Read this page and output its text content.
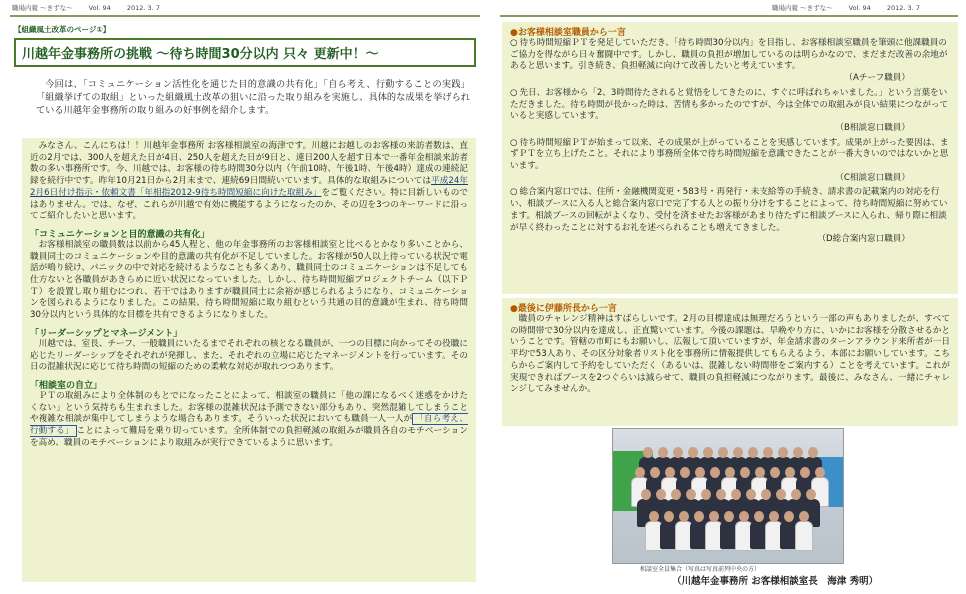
職場内報 〜きずな〜 Vol. 94 2012. 3. 7	職場内報 〜きずな〜 Vol. 94 2012. 3. 7
【組織風土改革のページ①】
川越年金事務所の挑戦 ～待ち時間30分以内 只々 更新中！～

今回は、「コミュニケーション活性化を通じた目的意識の共有化」「自ら考え、行動することの実践」「組織挙げての取組」といった組織風土改革の狙いに沿った取り組みを実施し、具体的な成果を挙げられている川越年金事務所の取り組みの好事例を紹介します。

みなさん、こんにちは！！川越年金事務所 お客様相談室の海津です。川越にお越しのお客様の来訪者数は、直近の2月では、300人を超えた日が4日、250人を超えた日が9日と、連日200人を超す日本で一番年金相談来訪者数の多い事務所です。今、川越では、お客様の待ち時間30分以内（午前10時、午後1時、午後4時）達成の連続記録を続行中です。昨年10月21日から2月末まで、連続69日間続いています。具体的な取組みについては平成24年2月6日付け指示・依頼文書「年相指2012-9待ち時間短縮に向けた取組み」をご覧ください。特に目新しいものではありません。では、なぜ、これらが川越で有効に機能するようになったのか、その辺を3つのキーワードに沿ってご紹介したいと思います。

「コミュニケーションと目的意識の共有化」

お客様相談室の職員数は以前から45人程と、他の年金事務所のお客様相談室と比べるとかなり多いことから、職員同士のコミュニケーションや目的意識の共有化が不足していました。お客様が50人以上待っている状況で電話が鳴り続け、パニックの中で対応を続けるようなことも多くあり、職員同士のコミュニケーションは不足しても仕方ないと各職員があきらめに近い状況になっていました。しかし、待ち時間短縮プロジェクトチーム（以下ＰＴ）を設置し取り組むにつれ、若干ではありますが職員同士に余裕が感じられるようになり、コミュニケーションを図られるようになりました。この結果、待ち時間短縮に取り組むという共通の目的意識が生まれ、待ち時間30分以内という具体的な目標を共有できるようになりました。

「リーダーシップとマネージメント」

川越では、室長、チーフ、一般職員にいたるまでそれぞれの核となる職員が、一つの目標に向かってその役職に応じたリーダーシップをそれぞれが発揮し、また、それぞれの立場に応じたマネージメントを行っています。その日の混雑状況に応じて待ち時間の短縮のための柔軟な対応が取れつつあります。

「相談室の自立」

ＰＴの取組みにより全体制のもとでになったことによって、相談室の職員に「他の課になるべく迷惑をかけたくない」という気持ちも生まれました。お客様の混雑状況は予測できない部分もあり、突然混雑してしまうことや複雑な相談が集中してしまうような場合もあります。そういった状況においても職員一人一人が 「自ら考え、行動する」 ことによって難局を乗り切っています。全所体制での負担軽減の取組みが職員各自のモチベーションを高め、職員のモチベーションにより取組みが実行できているように思います。

●お客様相談室職員から一言

○ 待ち時間短縮ＰＴを発足していただき、「待ち時間30分以内」を目指し、お客様相談室職員を筆頭に他課職員のご協力を得ながら日々奮闘中です。しかし、職員の負担が増加しているのは明らかなので、まだまだ改善の余地があると思います。引き続き、負担軽減に向けて改善したいと考えています。
（Aチーフ職員）

○ 先日、お客様から「2、3時間待たされると覚悟をしてきたのに、すぐに呼ばれちゃいました。」という言葉をいただきました。待ち時間が長かった時は、苦情も多かったのですが、今は全体での取組みが良い結果につながっていると実感しています。
（B相談窓口職員）

○ 待ち時間短縮ＰＴが始まって以来、その成果が上がっていることを実感しています。成果が上がった要因は、まずＰＴを立ち上げたこと。それにより事務所全体で待ち時間短縮を意識できたことが一番大きいのではないかと思います。
（C相談窓口職員）

○ 総合案内窓口では、住所・金融機関変更・583号・再発行・未支給等の手続き、請求書の記載案内の対応を行い、相談ブースに入る人と総合案内窓口で完了する人との振り分けをすることによって、待ち時間短縮に努めています。相談ブースの回転がよくなり、受付を済ませたお客様があまり待たずに相談ブースに入られ、帰り際に相談が早く終わったことに対するお礼を述べられることも増えてきました。
（D総合案内窓口職員）

●最後に伊藤所長から一言

職員のチャレンジ精神はすばらしいです。2月の目標達成は無理だろうという一部の声もありましたが、すべての時間帯で30分以内を達成し、正直驚いています。今後の課題は、早晩やり方に、いかにお客様を分散させるかということです。管轄の市町にもお願いし、広報して頂いていますが、年金請求書のターンアラウンド来所者が一日平均で53人あり、その区分対象者リスト化を事務所に情報提供してもらえるよう、本部にお願いしています。こちらからご案内して予約をしていただく（あるいは、混雑しない時間帯をご案内する）ことを考えています。これが実現できればブースを2つぐらいは減らせて、職員の負担軽減につながります。最後に、みなさん、一緒にチャレンジしてみませんか。

相談室全員集合（写真は写真前列中央の方）
（川越年金事務所 お客様相談室長　海津 秀明）
